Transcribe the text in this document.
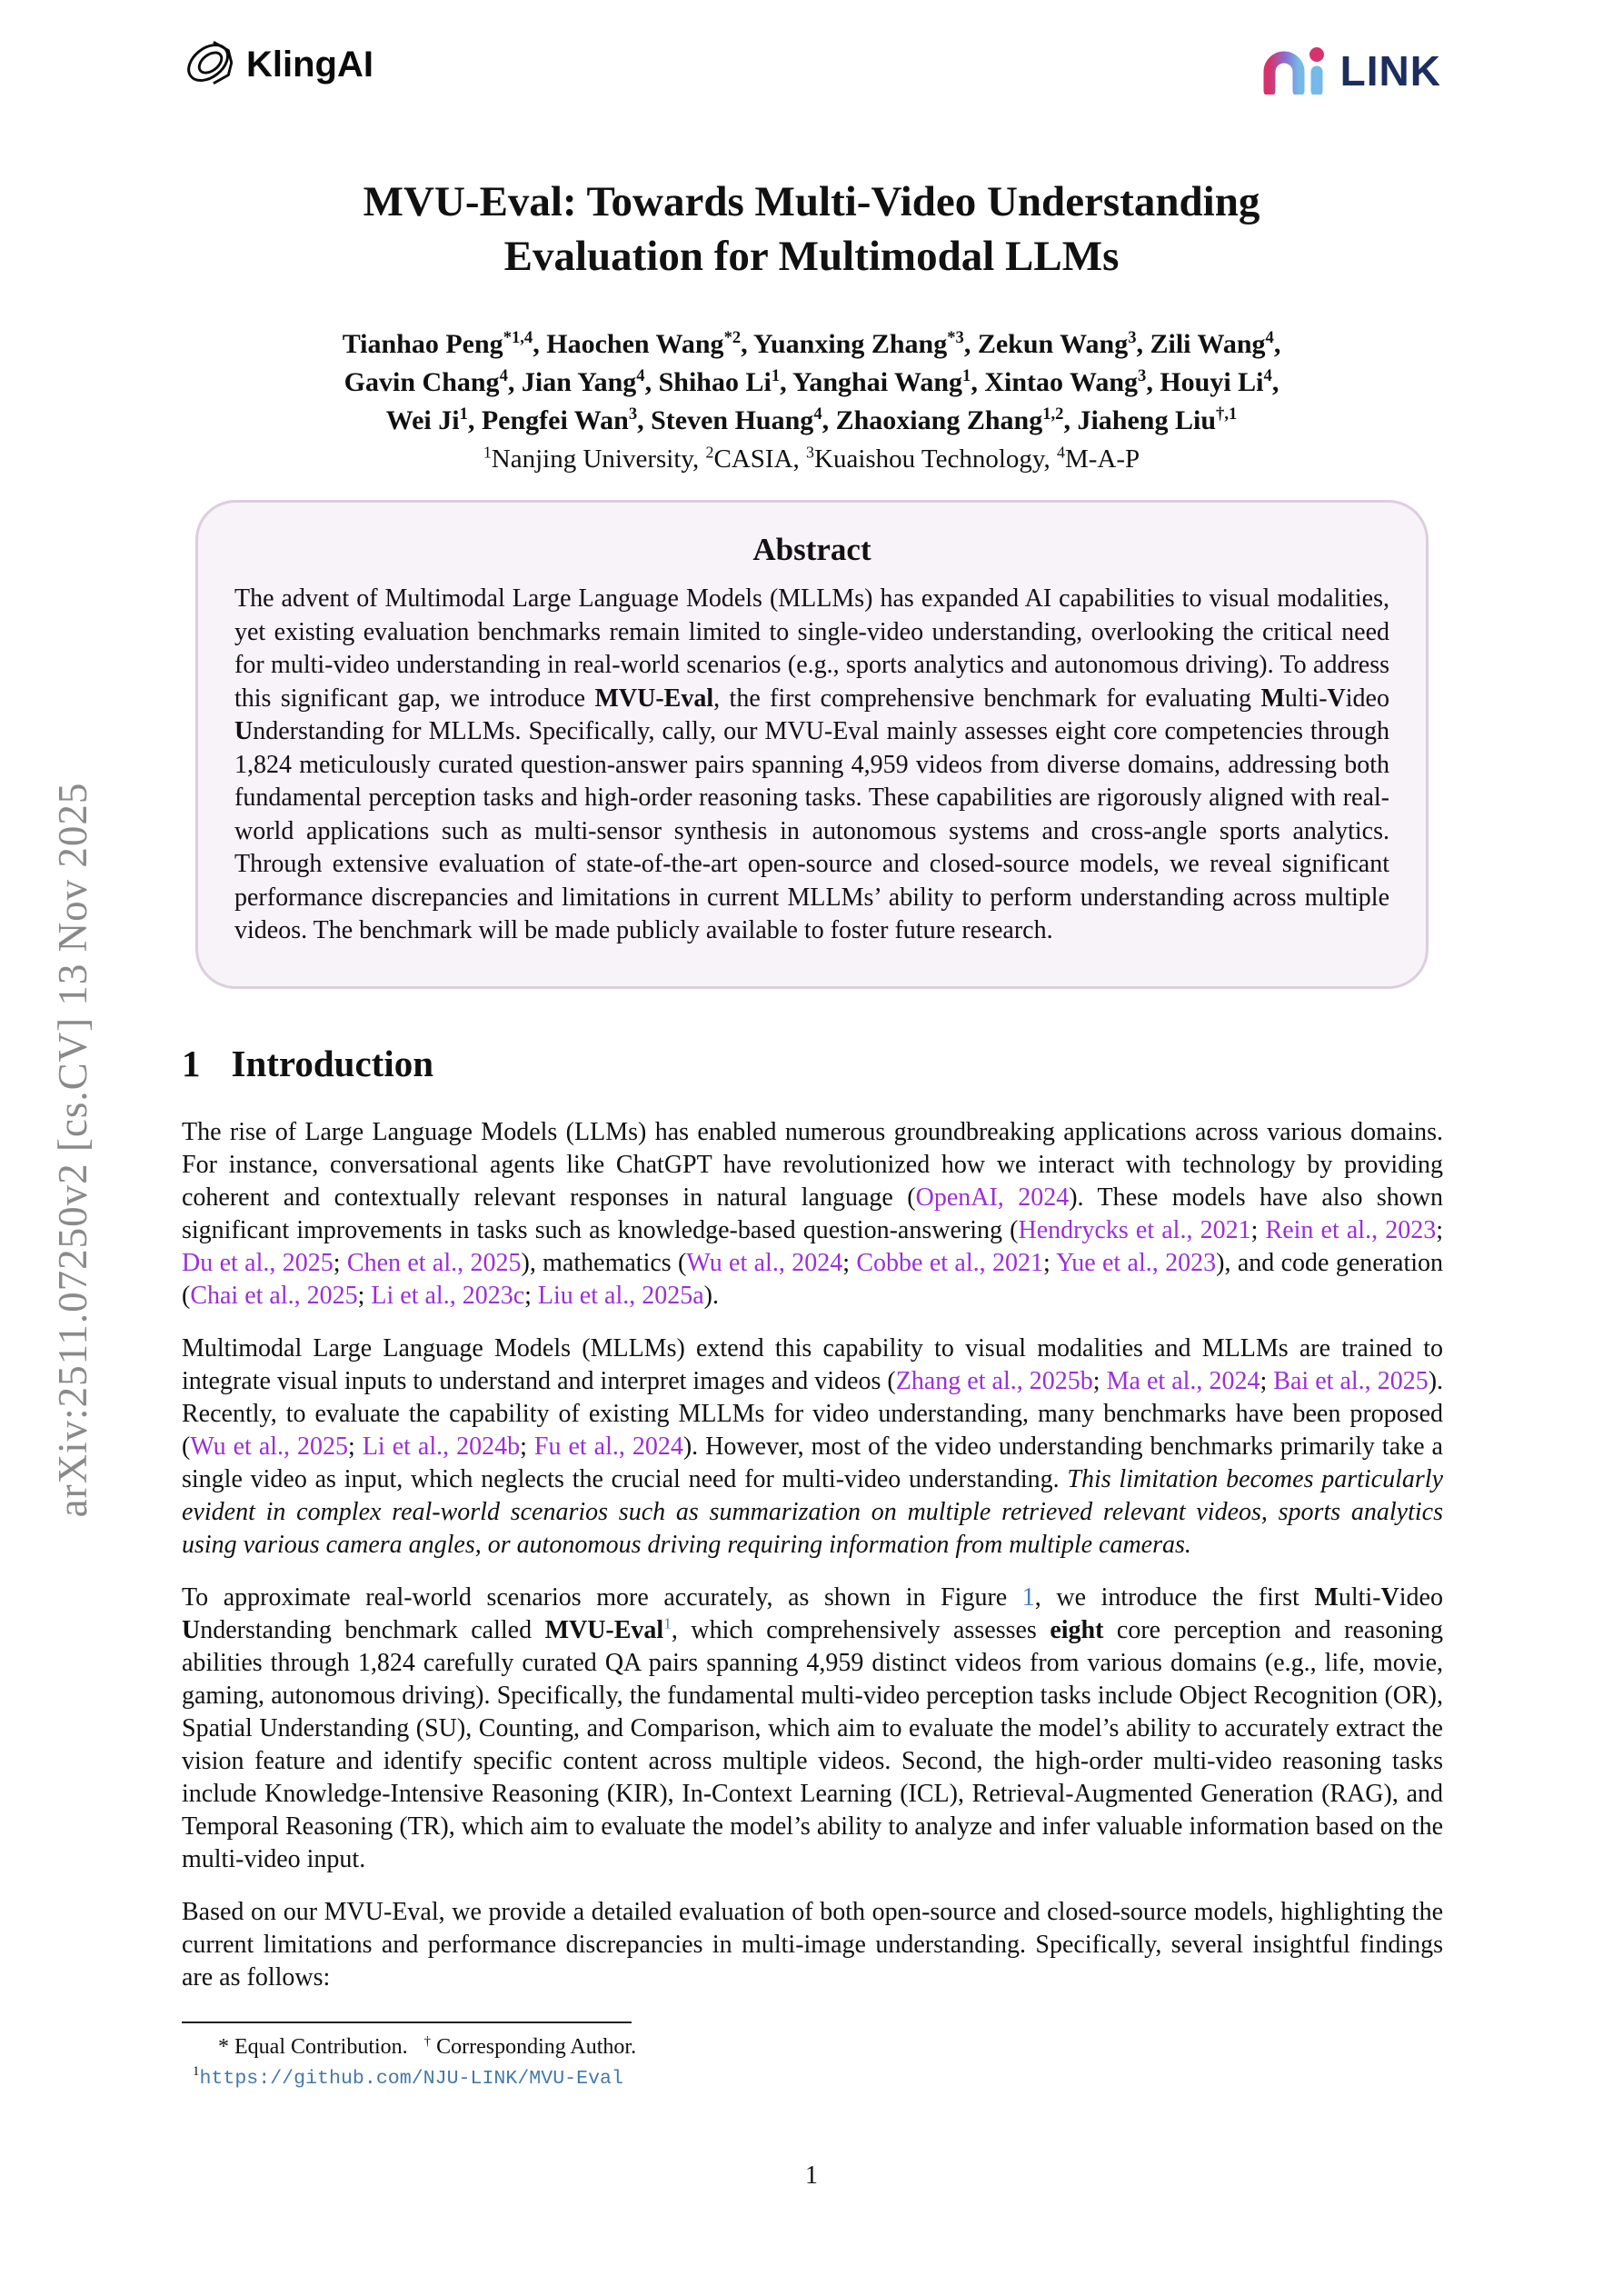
arXiv:2511.07250v2 [cs.CV] 13 Nov 2025
KlingAI	LINK
MVU-Eval: Towards Multi-Video Understanding
Evaluation for Multimodal LLMs
Tianhao Peng$^{*1,4}$, Haochen Wang$^{*2}$, Yuanxing Zhang$^{*3}$, Zekun Wang$^3$, Zili Wang$^4$,
Gavin Chang$^4$, Jian Yang$^4$, Shihao Li$^1$, Yanghai Wang$^1$, Xintao Wang$^3$, Houyi Li$^4$,
Wei Ji$^1$, Pengfei Wan$^3$, Steven Huang$^4$, Zhaoxiang Zhang$^{1,2}$, Jiaheng Liu$^{\dagger,1}$
$^1$Nanjing University, $^2$CASIA, $^3$Kuaishou Technology, $^4$M-A-P
Abstract
The advent of Multimodal Large Language Models (MLLMs) has expanded AI capabilities to visual modalities, yet existing evaluation benchmarks remain limited to single-video understanding, overlooking the critical need for multi-video understanding in real-world scenarios (e.g., sports analytics and autonomous driving). To address this significant gap, we introduce MVU-Eval, the first comprehensive benchmark for evaluating Multi-Video Understanding for MLLMs. Specifically, cally, our MVU-Eval mainly assesses eight core competencies through 1,824 meticulously curated question-answer pairs spanning 4,959 videos from diverse domains, addressing both fundamental perception tasks and high-order reasoning tasks. These capabilities are rigorously aligned with real-world applications such as multi-sensor synthesis in autonomous systems and cross-angle sports analytics. Through extensive evaluation of state-of-the-art open-source and closed-source models, we reveal significant performance discrepancies and limitations in current MLLMs’ ability to perform understanding across multiple videos. The benchmark will be made publicly available to foster future research.
1 Introduction

The rise of Large Language Models (LLMs) has enabled numerous groundbreaking applications across various domains. For instance, conversational agents like ChatGPT have revolutionized how we interact with technology by providing coherent and contextually relevant responses in natural language (OpenAI, 2024). These models have also shown significant improvements in tasks such as knowledge-based question-answering (Hendrycks et al., 2021; Rein et al., 2023; Du et al., 2025; Chen et al., 2025), mathematics (Wu et al., 2024; Cobbe et al., 2021; Yue et al., 2023), and code generation (Chai et al., 2025; Li et al., 2023c; Liu et al., 2025a).

Multimodal Large Language Models (MLLMs) extend this capability to visual modalities and MLLMs are trained to integrate visual inputs to understand and interpret images and videos (Zhang et al., 2025b; Ma et al., 2024; Bai et al., 2025). Recently, to evaluate the capability of existing MLLMs for video understanding, many benchmarks have been proposed (Wu et al., 2025; Li et al., 2024b; Fu et al., 2024). However, most of the video understanding benchmarks primarily take a single video as input, which neglects the crucial need for multi-video understanding. This limitation becomes particularly evident in complex real-world scenarios such as summarization on multiple retrieved relevant videos, sports analytics using various camera angles, or autonomous driving requiring information from multiple cameras.

To approximate real-world scenarios more accurately, as shown in Figure 1, we introduce the first Multi-Video Understanding benchmark called MVU-Eval$^1$, which comprehensively assesses eight core perception and reasoning abilities through 1,824 carefully curated QA pairs spanning 4,959 distinct videos from various domains (e.g., life, movie, gaming, autonomous driving). Specifically, the fundamental multi-video perception tasks include Object Recognition (OR), Spatial Understanding (SU), Counting, and Comparison, which aim to evaluate the model’s ability to accurately extract the vision feature and identify specific content across multiple videos. Second, the high-order multi-video reasoning tasks include Knowledge-Intensive Reasoning (KIR), In-Context Learning (ICL), Retrieval-Augmented Generation (RAG), and Temporal Reasoning (TR), which aim to evaluate the model’s ability to analyze and infer valuable information based on the multi-video input.

Based on our MVU-Eval, we provide a detailed evaluation of both open-source and closed-source models, highlighting the current limitations and performance discrepancies in multi-image understanding. Specifically, several insightful findings are as follows:

* Equal Contribution.   † Corresponding Author.
$^1$https://github.com/NJU-LINK/MVU-Eval
1
